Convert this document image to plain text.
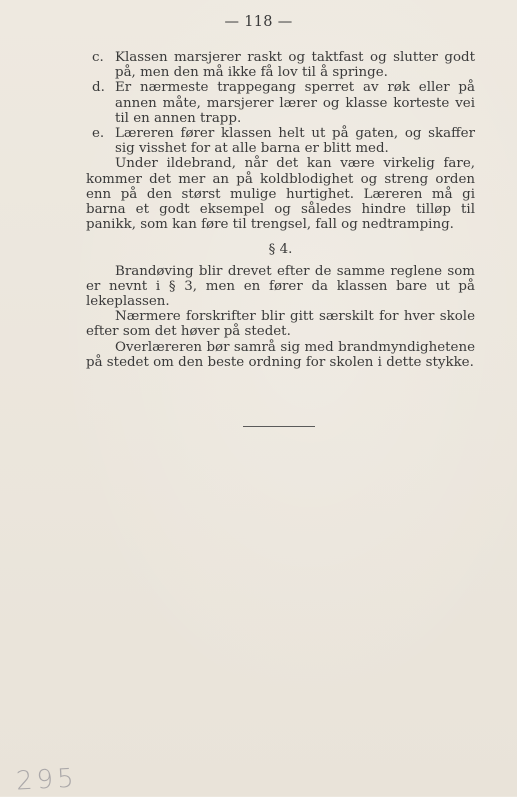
— 118 —

c. Klassen marsjerer raskt og taktfast og slutter godt på, men den må ikke få lov til å springe.

d. Er nærmeste trappegang sperret av røk eller på annen måte, marsjerer lærer og klasse korteste vei til en annen trapp.

e. Læreren fører klassen helt ut på gaten, og skaffer sig visshet for at alle barna er blitt med.

Under ildebrand, når det kan være virkelig fare, kommer det mer an på koldblodighet og streng orden enn på den størst mulige hurtighet. Læreren må gi barna et godt eksempel og således hindre tilløp til panikk, som kan føre til trengsel, fall og nedtramping.

§ 4.

Brandøving blir drevet efter de samme reglene som er nevnt i § 3, men en fører da klassen bare ut på lekeplassen.

Nærmere forskrifter blir gitt særskilt for hver skole efter som det høver på stedet.

Overlæreren bør samrå sig med brandmyndighetene på stedet om den beste ordning for skolen i dette stykke.

295
